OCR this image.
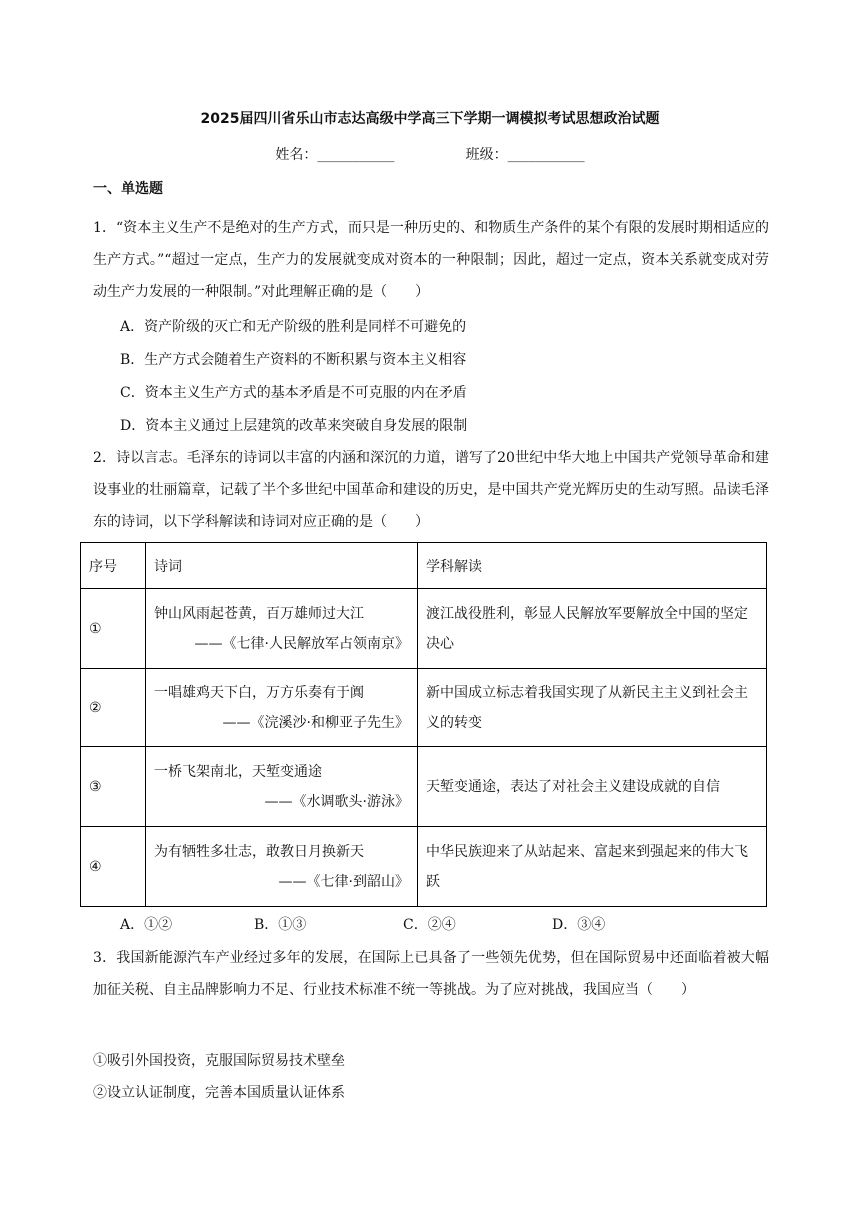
2025届四川省乐山市志达高级中学高三下学期一调模拟考试思想政治试题
姓名：___________	班级：___________
一、单选题
1．“资本主义生产不是绝对的生产方式，而只是一种历史的、和物质生产条件的某个有限的发展时期相适应的生产方式。”“超过一定点，生产力的发展就变成对资本的一种限制；因此，超过一定点，资本关系就变成对劳动生产力发展的一种限制。”对此理解正确的是（　　）
A．资产阶级的灭亡和无产阶级的胜利是同样不可避免的
B．生产方式会随着生产资料的不断积累与资本主义相容
C．资本主义生产方式的基本矛盾是不可克服的内在矛盾
D．资本主义通过上层建筑的改革来突破自身发展的限制
2．诗以言志。毛泽东的诗词以丰富的内涵和深沉的力道，谱写了20世纪中华大地上中国共产党领导革命和建设事业的壮丽篇章，记载了半个多世纪中国革命和建设的历史，是中国共产党光辉历史的生动写照。品读毛泽东的诗词，以下学科解读和诗词对应正确的是（　　）
序号	诗词	学科解读
①	钟山风雨起苍黄，百万雄师过大江
——《七律·人民解放军占领南京》	渡江战役胜利，彰显人民解放军要解放全中国的坚定决心
②	一唱雄鸡天下白，万方乐奏有于阗
——《浣溪沙·和柳亚子先生》	新中国成立标志着我国实现了从新民主主义到社会主义的转变
③	一桥飞架南北，天堑变通途
——《水调歌头·游泳》	天堑变通途，表达了对社会主义建设成就的自信
④	为有牺牲多壮志，敢教日月换新天
——《七律·到韶山》	中华民族迎来了从站起来、富起来到强起来的伟大飞跃
A．①②	B．①③	C．②④	D．③④
3．我国新能源汽车产业经过多年的发展，在国际上已具备了一些领先优势，但在国际贸易中还面临着被大幅加征关税、自主品牌影响力不足、行业技术标准不统一等挑战。为了应对挑战，我国应当（　　）
①吸引外国投资，克服国际贸易技术壁垒
②设立认证制度，完善本国质量认证体系
